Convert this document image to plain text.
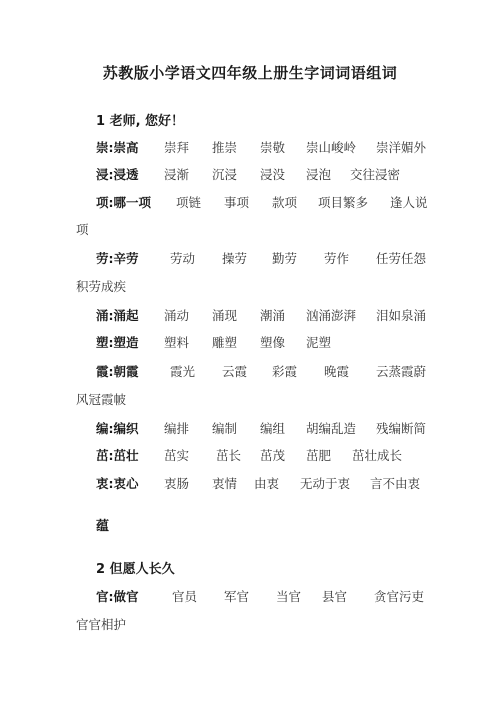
苏教版小学语文四年级上册生字词词语组词
1 老师, 您好！
崇:崇高 崇拜 推崇 崇敬 崇山峻岭 崇洋媚外
浸:浸透 浸渐 沉浸 浸没 浸泡 交往浸密
项:哪一项 项链 事项 款项 项目繁多 逢人说
项
劳:辛劳	劳动 操劳 勤劳 劳作 任劳任怨
积劳成疾
涌:涌起 涌动 涌现 潮涌 汹涌澎湃 泪如泉涌
塑:塑造 塑料 雕塑 塑像 泥塑
霞:朝霞	霞光 云霞 彩霞 晚霞 云蒸霞蔚
风冠霞帔
编:编织 编排 编制 编组 胡编乱造 残编断简
茁:茁壮 茁实 茁长 茁茂 茁肥 茁壮成长
衷:衷心 衷肠 衷情 由衷 无动于衷 言不由衷
蕴
2 但愿人长久
官:做官	官员 军官 当官 县官 贪官污吏
官官相护
